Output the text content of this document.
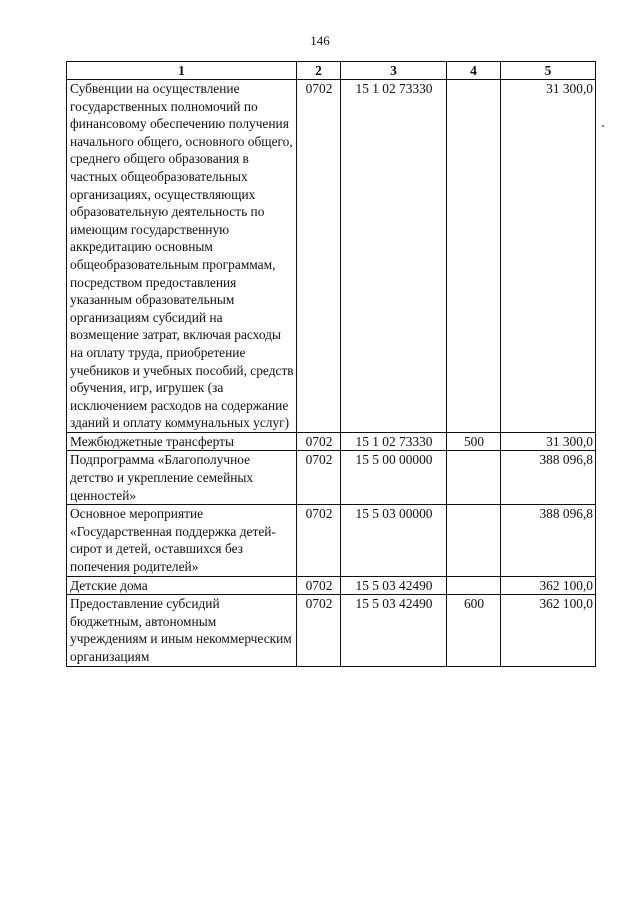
146
1	2	3	4	5
Субвенции на осуществление государственных полномочий по финансовому обеспечению получения начального общего, основного общего, среднего общего образования в частных общеобразовательных организациях, осуществляющих образовательную деятельность по имеющим государственную аккредитацию основным общеобразовательным программам, посредством предоставления указанным образовательным организациям субсидий на возмещение затрат, включая расходы на оплату труда, приобретение учебников и учебных пособий, средств обучения, игр, игрушек (за исключением расходов на содержание зданий и оплату коммунальных услуг)	0702	15 1 02 73330		31 300,0
Межбюджетные трансферты	0702	15 1 02 73330	500	31 300,0
Подпрограмма «Благополучное детство и укрепление семейных ценностей»	0702	15 5 00 00000		388 096,8
Основное мероприятие «Государственная поддержка детей-сирот и детей, оставшихся без попечения родителей»	0702	15 5 03 00000		388 096,8
Детские дома	0702	15 5 03 42490		362 100,0
Предоставление субсидий бюджетным, автономным учреждениям и иным некоммерческим организациям	0702	15 5 03 42490	600	362 100,0
